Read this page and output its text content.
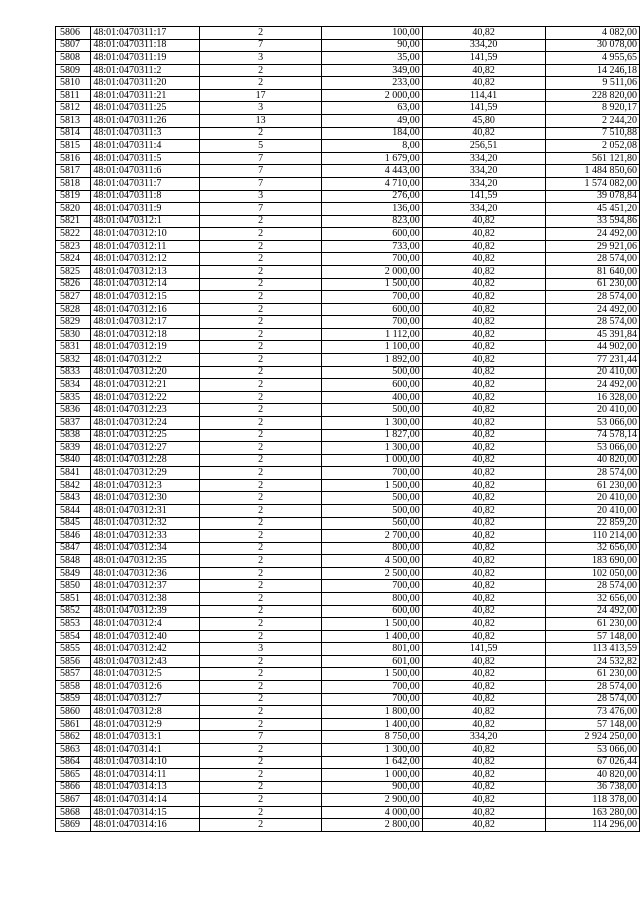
5806	48:01:0470311:17	2	100,00	40,82	4 082,00
5807	48:01:0470311:18	7	90,00	334,20	30 078,00
5808	48:01:0470311:19	3	35,00	141,59	4 955,65
5809	48:01:0470311:2	2	349,00	40,82	14 246,18
5810	48:01:0470311:20	2	233,00	40,82	9 511,06
5811	48:01:0470311:21	17	2 000,00	114,41	228 820,00
5812	48:01:0470311:25	3	63,00	141,59	8 920,17
5813	48:01:0470311:26	13	49,00	45,80	2 244,20
5814	48:01:0470311:3	2	184,00	40,82	7 510,88
5815	48:01:0470311:4	5	8,00	256,51	2 052,08
5816	48:01:0470311:5	7	1 679,00	334,20	561 121,80
5817	48:01:0470311:6	7	4 443,00	334,20	1 484 850,60
5818	48:01:0470311:7	7	4 710,00	334,20	1 574 082,00
5819	48:01:0470311:8	3	276,00	141,59	39 078,84
5820	48:01:0470311:9	7	136,00	334,20	45 451,20
5821	48:01:0470312:1	2	823,00	40,82	33 594,86
5822	48:01:0470312:10	2	600,00	40,82	24 492,00
5823	48:01:0470312:11	2	733,00	40,82	29 921,06
5824	48:01:0470312:12	2	700,00	40,82	28 574,00
5825	48:01:0470312:13	2	2 000,00	40,82	81 640,00
5826	48:01:0470312:14	2	1 500,00	40,82	61 230,00
5827	48:01:0470312:15	2	700,00	40,82	28 574,00
5828	48:01:0470312:16	2	600,00	40,82	24 492,00
5829	48:01:0470312:17	2	700,00	40,82	28 574,00
5830	48:01:0470312:18	2	1 112,00	40,82	45 391,84
5831	48:01:0470312:19	2	1 100,00	40,82	44 902,00
5832	48:01:0470312:2	2	1 892,00	40,82	77 231,44
5833	48:01:0470312:20	2	500,00	40,82	20 410,00
5834	48:01:0470312:21	2	600,00	40,82	24 492,00
5835	48:01:0470312:22	2	400,00	40,82	16 328,00
5836	48:01:0470312:23	2	500,00	40,82	20 410,00
5837	48:01:0470312:24	2	1 300,00	40,82	53 066,00
5838	48:01:0470312:25	2	1 827,00	40,82	74 578,14
5839	48:01:0470312:27	2	1 300,00	40,82	53 066,00
5840	48:01:0470312:28	2	1 000,00	40,82	40 820,00
5841	48:01:0470312:29	2	700,00	40,82	28 574,00
5842	48:01:0470312:3	2	1 500,00	40,82	61 230,00
5843	48:01:0470312:30	2	500,00	40,82	20 410,00
5844	48:01:0470312:31	2	500,00	40,82	20 410,00
5845	48:01:0470312:32	2	560,00	40,82	22 859,20
5846	48:01:0470312:33	2	2 700,00	40,82	110 214,00
5847	48:01:0470312:34	2	800,00	40,82	32 656,00
5848	48:01:0470312:35	2	4 500,00	40,82	183 690,00
5849	48:01:0470312:36	2	2 500,00	40,82	102 050,00
5850	48:01:0470312:37	2	700,00	40,82	28 574,00
5851	48:01:0470312:38	2	800,00	40,82	32 656,00
5852	48:01:0470312:39	2	600,00	40,82	24 492,00
5853	48:01:0470312:4	2	1 500,00	40,82	61 230,00
5854	48:01:0470312:40	2	1 400,00	40,82	57 148,00
5855	48:01:0470312:42	3	801,00	141,59	113 413,59
5856	48:01:0470312:43	2	601,00	40,82	24 532,82
5857	48:01:0470312:5	2	1 500,00	40,82	61 230,00
5858	48:01:0470312:6	2	700,00	40,82	28 574,00
5859	48:01:0470312:7	2	700,00	40,82	28 574,00
5860	48:01:0470312:8	2	1 800,00	40,82	73 476,00
5861	48:01:0470312:9	2	1 400,00	40,82	57 148,00
5862	48:01:0470313:1	7	8 750,00	334,20	2 924 250,00
5863	48:01:0470314:1	2	1 300,00	40,82	53 066,00
5864	48:01:0470314:10	2	1 642,00	40,82	67 026,44
5865	48:01:0470314:11	2	1 000,00	40,82	40 820,00
5866	48:01:0470314:13	2	900,00	40,82	36 738,00
5867	48:01:0470314:14	2	2 900,00	40,82	118 378,00
5868	48:01:0470314:15	2	4 000,00	40,82	163 280,00
5869	48:01:0470314:16	2	2 800,00	40,82	114 296,00
